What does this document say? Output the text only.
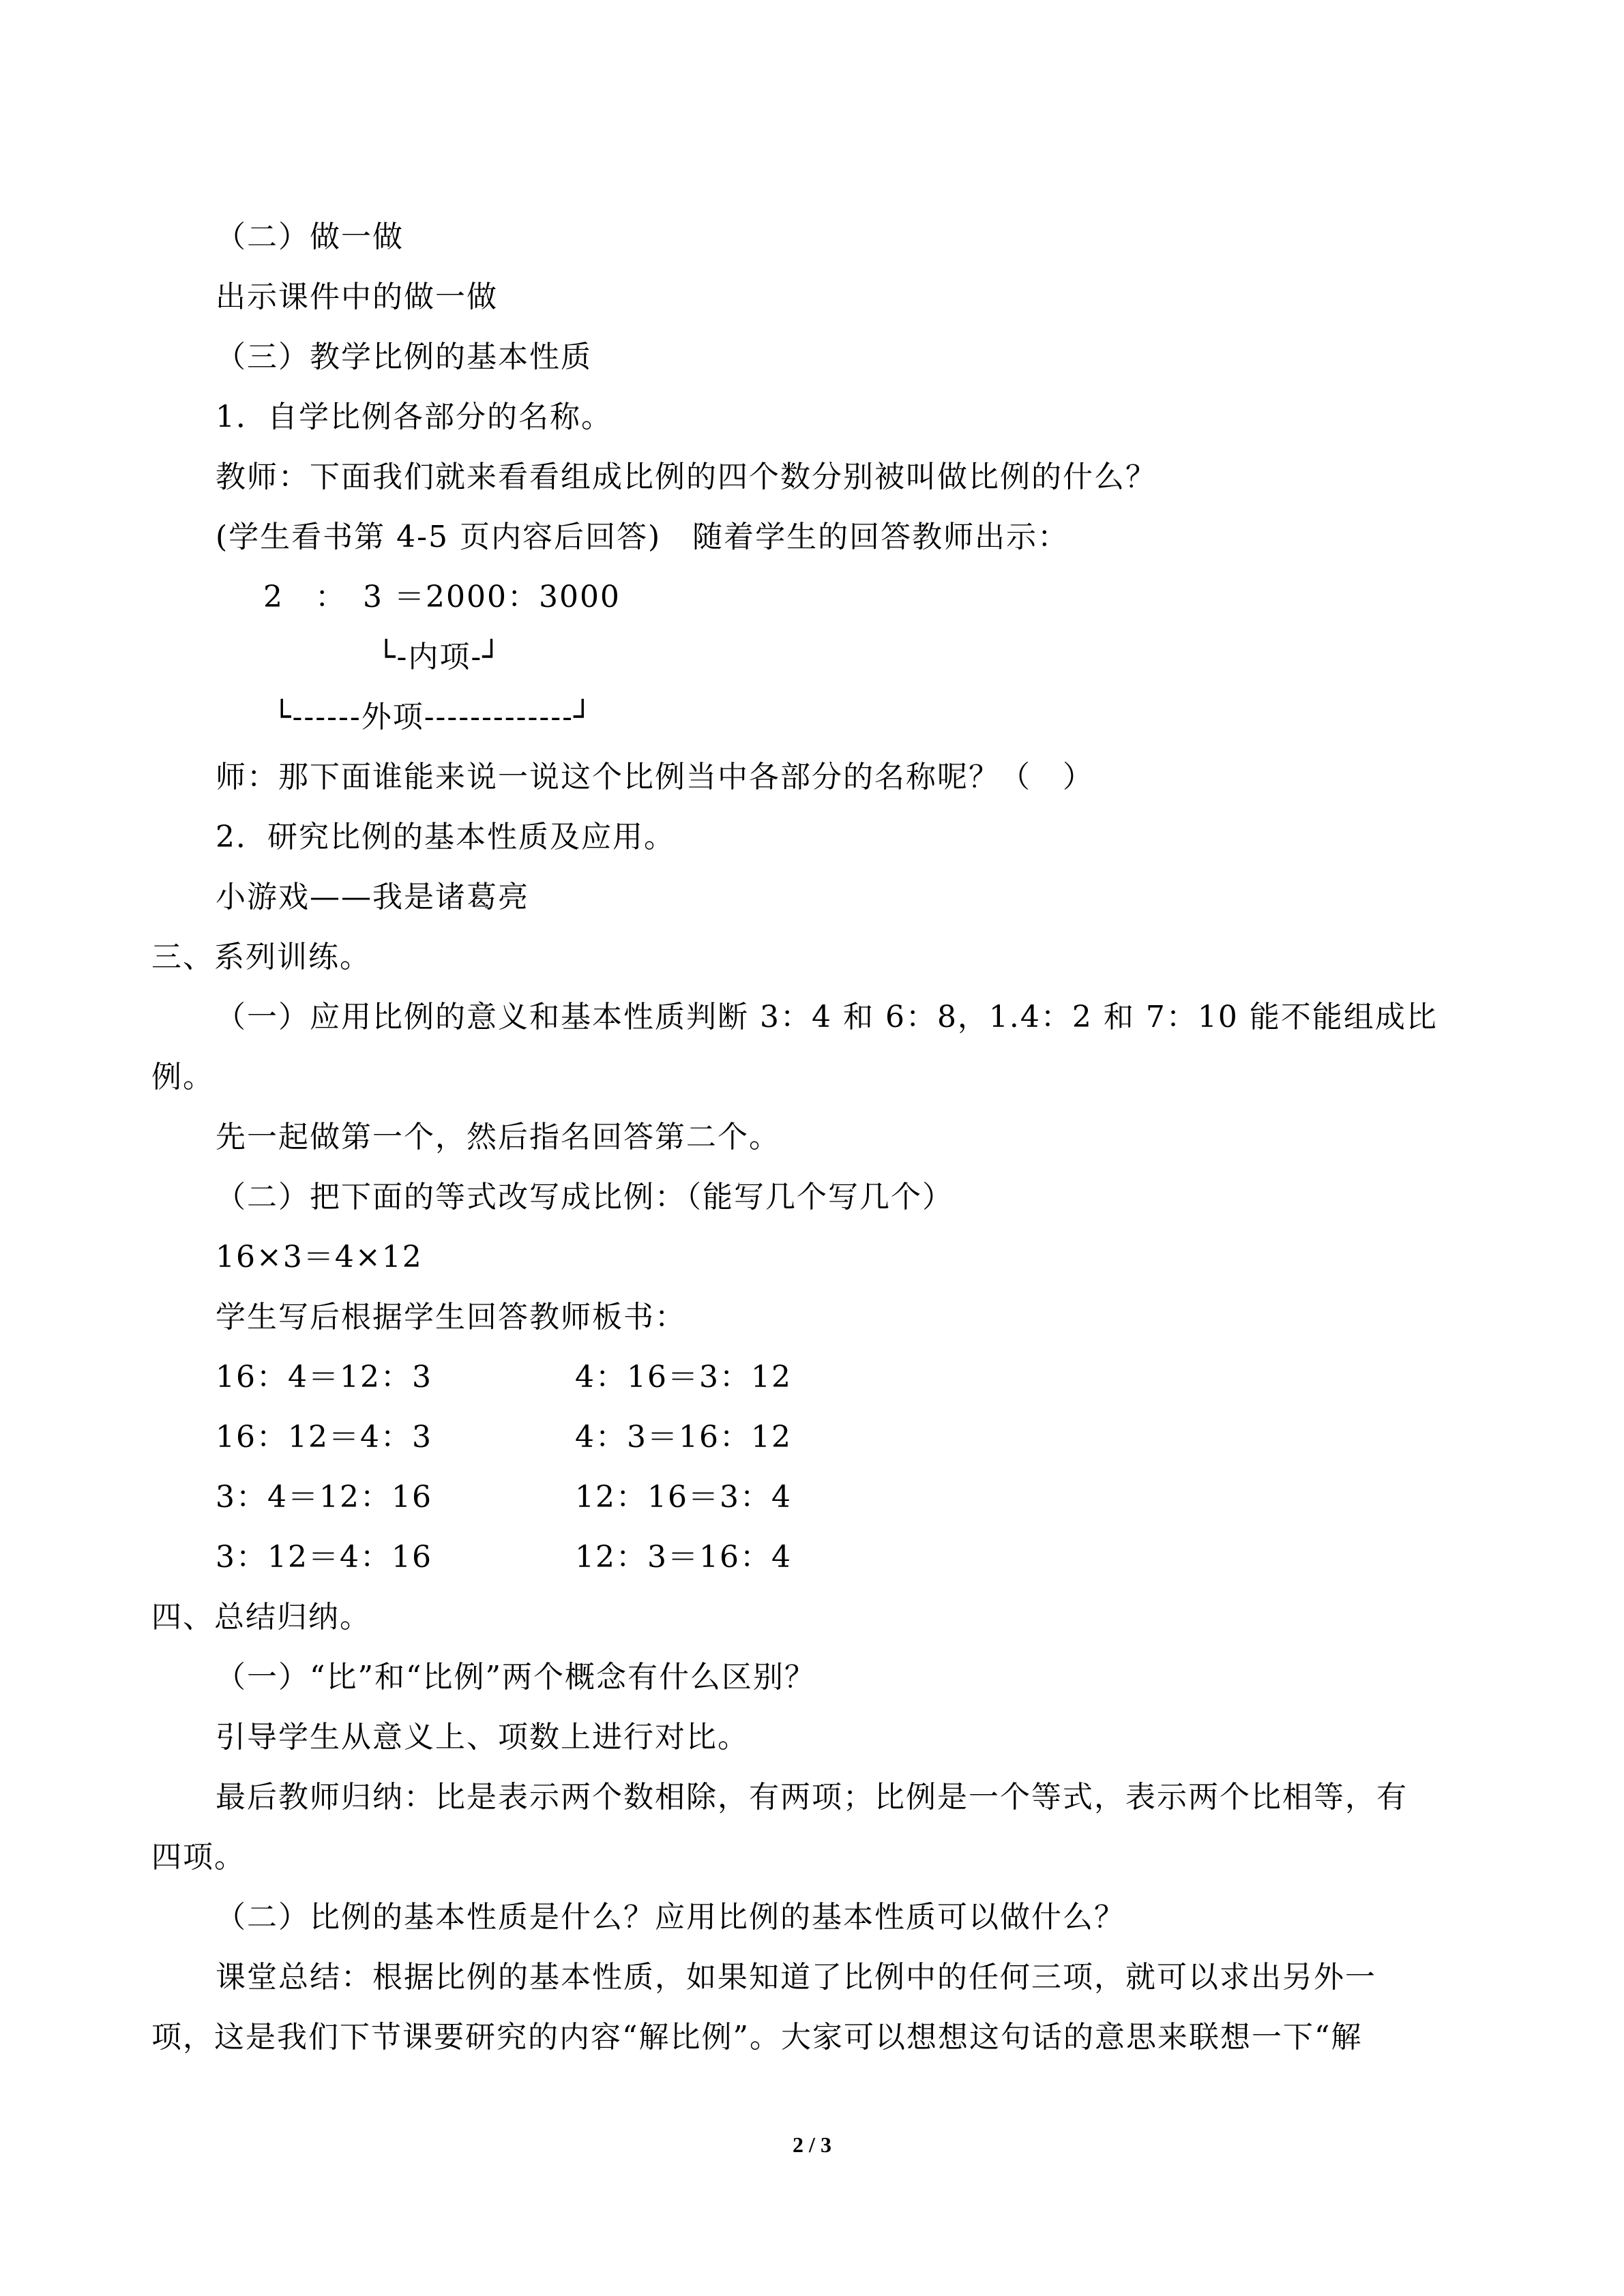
（二）做一做
出示课件中的做一做
（三）教学比例的基本性质
1．自学比例各部分的名称。
教师：下面我们就来看看组成比例的四个数分别被叫做比例的什么？
(学生看书第 4-5 页内容后回答)　随着学生的回答教师出示：
2　：　3 ＝2000：3000
└-内项-┘
└------外项-------------┘
师：那下面谁能来说一说这个比例当中各部分的名称呢？（　）
2．研究比例的基本性质及应用。
小游戏——我是诸葛亮
三、系列训练。
（一）应用比例的意义和基本性质判断 3：4 和 6：8，1.4：2 和 7：10 能不能组成比
例。
先一起做第一个，然后指名回答第二个。
（二）把下面的等式改写成比例：（能写几个写几个）
16×3＝4×12
学生写后根据学生回答教师板书：
16：4＝12：3	4：16＝3：12
16：12＝4：3	4：3＝16：12
3：4＝12：16	12：16＝3：4
3：12＝4：16	12：3＝16：4
四、总结归纳。
（一）“比”和“比例”两个概念有什么区别？
引导学生从意义上、项数上进行对比。
最后教师归纳：比是表示两个数相除，有两项；比例是一个等式，表示两个比相等，有
四项。
（二）比例的基本性质是什么？应用比例的基本性质可以做什么？
课堂总结：根据比例的基本性质，如果知道了比例中的任何三项，就可以求出另外一
项，这是我们下节课要研究的内容“解比例”。大家可以想想这句话的意思来联想一下“解
2 / 3
